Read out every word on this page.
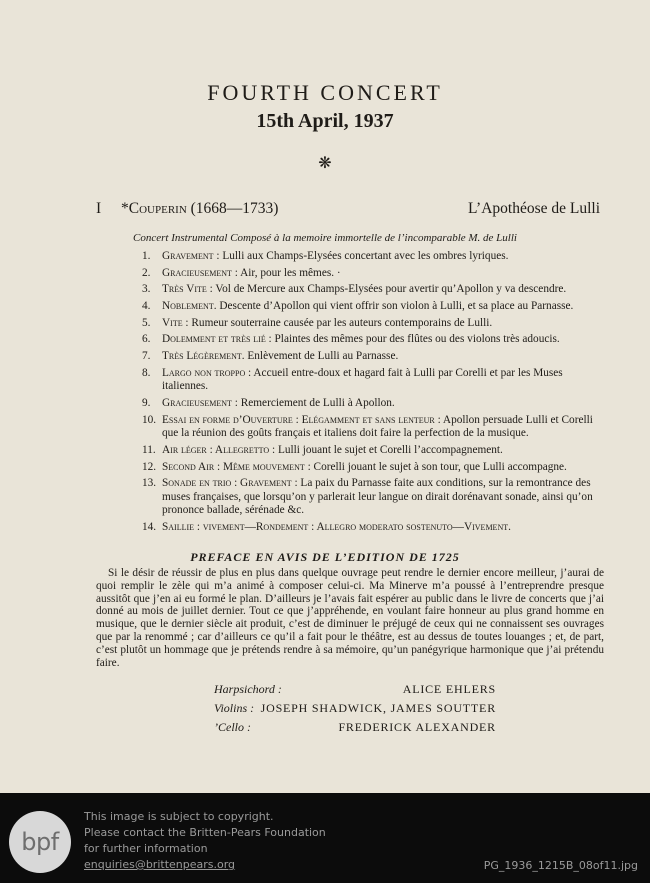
FOURTH CONCERT
15th April, 1937
❋
I *Couperin (1668—1733)	L’Apothéose de Lulli
Concert Instrumental Composé à la memoire immortelle de l’incomparable M. de Lulli
1.	Gravement : Lulli aux Champs-Elysées concertant avec les ombres lyriques.
2.	Gracieusement : Air, pour les mêmes. ·
3.	Très Vite : Vol de Mercure aux Champs-Elysées pour avertir qu’Apollon y va descendre.
4.	Noblement. Descente d’Apollon qui vient offrir son violon à Lulli, et sa place au Parnasse.
5.	Vite : Rumeur souterraine causée par les auteurs contemporains de Lulli.
6.	Dolemment et très lié : Plaintes des mêmes pour des flûtes ou des violons très adoucis.
7.	Très Légèrement. Enlèvement de Lulli au Parnasse.
8.	Largo non troppo : Accueil entre-doux et hagard fait à Lulli par Corelli et par les Muses italiennes.
9.	Gracieusement : Remerciement de Lulli à Apollon.
10. Essai en forme d’Ouverture : Elégamment et sans lenteur : Apollon persuade Lulli et Corelli que la réunion des goûts français et italiens doit faire la perfection de la musique.
11. Air léger : Allegretto : Lulli jouant le sujet et Corelli l’accompagnement.
12. Second Air : Même mouvement : Corelli jouant le sujet à son tour, que Lulli accompagne.
13. Sonade en trio : Gravement : La paix du Parnasse faite aux conditions, sur la remontrance des muses françaises, que lorsqu’on y parlerait leur langue on dirait dorénavant sonade, ainsi qu’on prononce ballade, sérénade &c.
14. Saillie : vivement—Rondement : Allegro moderato sostenuto—Vivement.
PREFACE EN AVIS DE L’EDITION DE 1725

Si le désir de réussir de plus en plus dans quelque ouvrage peut rendre le dernier encore meilleur, j’aurai de quoi remplir le zèle qui m’a animé à composer celui-ci. Ma Minerve m’a poussé à l’entreprendre presque aussitôt que j’en ai eu formé le plan. D’ailleurs je l’avais fait espérer au public dans le livre de concerts que j’ai donné au mois de juillet dernier. Tout ce que j’appréhende, en voulant faire honneur au plus grand homme en musique, que le dernier siècle ait produit, c’est de diminuer le préjugé de ceux qui ne connaissent ses ouvrages que par la renommé ; car d’ailleurs ce qu’il a fait pour le théâtre, est au dessus de toutes louanges ; et, de part, c’est plutôt un hommage que je prétends rendre à sa mémoire, qu’un panégyrique harmonique que j’ai prétendu faire.

Harpsichord :	ALICE EHLERS
Violins : JOSEPH SHADWICK, JAMES SOUTTER
’Cello :	FREDERICK ALEXANDER
bpf
This image is subject to copyright.
Please contact the Britten-Pears Foundation
for further information
enquiries@brittenpears.org	PG_1936_1215B_08of11.jpg
